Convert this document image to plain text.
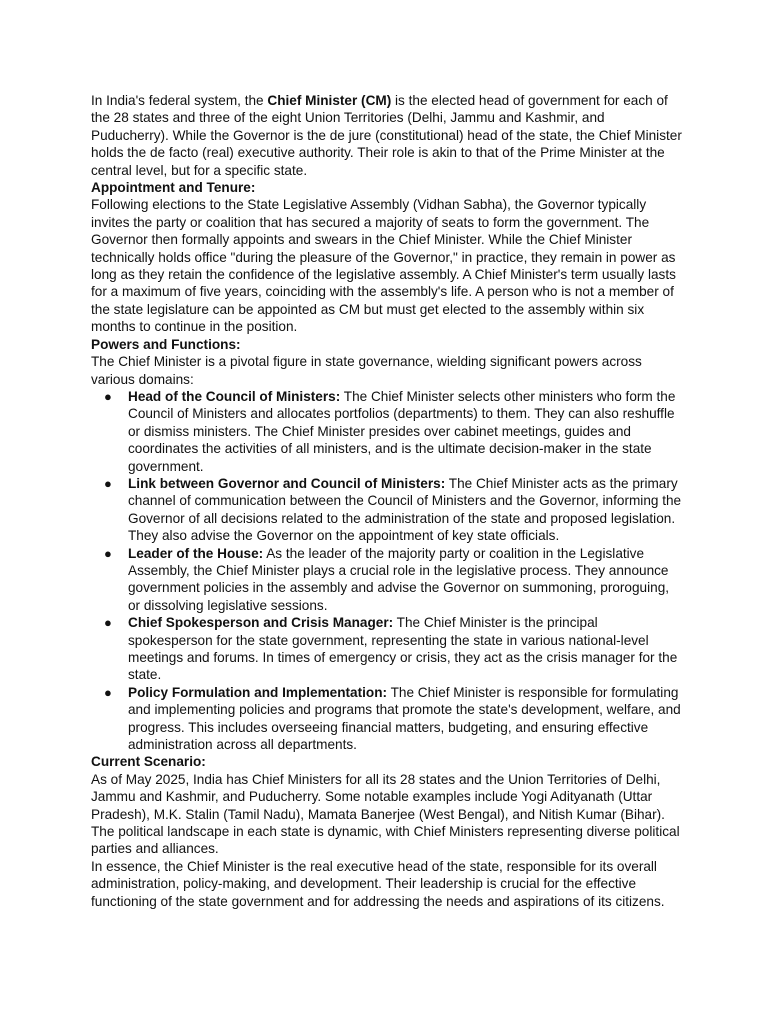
In India's federal system, the Chief Minister (CM) is the elected head of government for each of the 28 states and three of the eight Union Territories (Delhi, Jammu and Kashmir, and Puducherry). While the Governor is the de jure (constitutional) head of the state, the Chief Minister holds the de facto (real) executive authority. Their role is akin to that of the Prime Minister at the central level, but for a specific state.

Appointment and Tenure:

Following elections to the State Legislative Assembly (Vidhan Sabha), the Governor typically invites the party or coalition that has secured a majority of seats to form the government. The Governor then formally appoints and swears in the Chief Minister. While the Chief Minister technically holds office "during the pleasure of the Governor," in practice, they remain in power as long as they retain the confidence of the legislative assembly. A Chief Minister's term usually lasts for a maximum of five years, coinciding with the assembly's life. A person who is not a member of the state legislature can be appointed as CM but must get elected to the assembly within six months to continue in the position.

Powers and Functions:

The Chief Minister is a pivotal figure in state governance, wielding significant powers across various domains:

● Head of the Council of Ministers: The Chief Minister selects other ministers who form the Council of Ministers and allocates portfolios (departments) to them. They can also reshuffle or dismiss ministers. The Chief Minister presides over cabinet meetings, guides and coordinates the activities of all ministers, and is the ultimate decision-maker in the state government.
● Link between Governor and Council of Ministers: The Chief Minister acts as the primary channel of communication between the Council of Ministers and the Governor, informing the Governor of all decisions related to the administration of the state and proposed legislation. They also advise the Governor on the appointment of key state officials.
● Leader of the House: As the leader of the majority party or coalition in the Legislative Assembly, the Chief Minister plays a crucial role in the legislative process. They announce government policies in the assembly and advise the Governor on summoning, proroguing, or dissolving legislative sessions.
● Chief Spokesperson and Crisis Manager: The Chief Minister is the principal spokesperson for the state government, representing the state in various national-level meetings and forums. In times of emergency or crisis, they act as the crisis manager for the state.
● Policy Formulation and Implementation: The Chief Minister is responsible for formulating and implementing policies and programs that promote the state's development, welfare, and progress. This includes overseeing financial matters, budgeting, and ensuring effective administration across all departments.
Current Scenario:

As of May 2025, India has Chief Ministers for all its 28 states and the Union Territories of Delhi, Jammu and Kashmir, and Puducherry. Some notable examples include Yogi Adityanath (Uttar Pradesh), M.K. Stalin (Tamil Nadu), Mamata Banerjee (West Bengal), and Nitish Kumar (Bihar). The political landscape in each state is dynamic, with Chief Ministers representing diverse political parties and alliances.

In essence, the Chief Minister is the real executive head of the state, responsible for its overall administration, policy-making, and development. Their leadership is crucial for the effective functioning of the state government and for addressing the needs and aspirations of its citizens.
